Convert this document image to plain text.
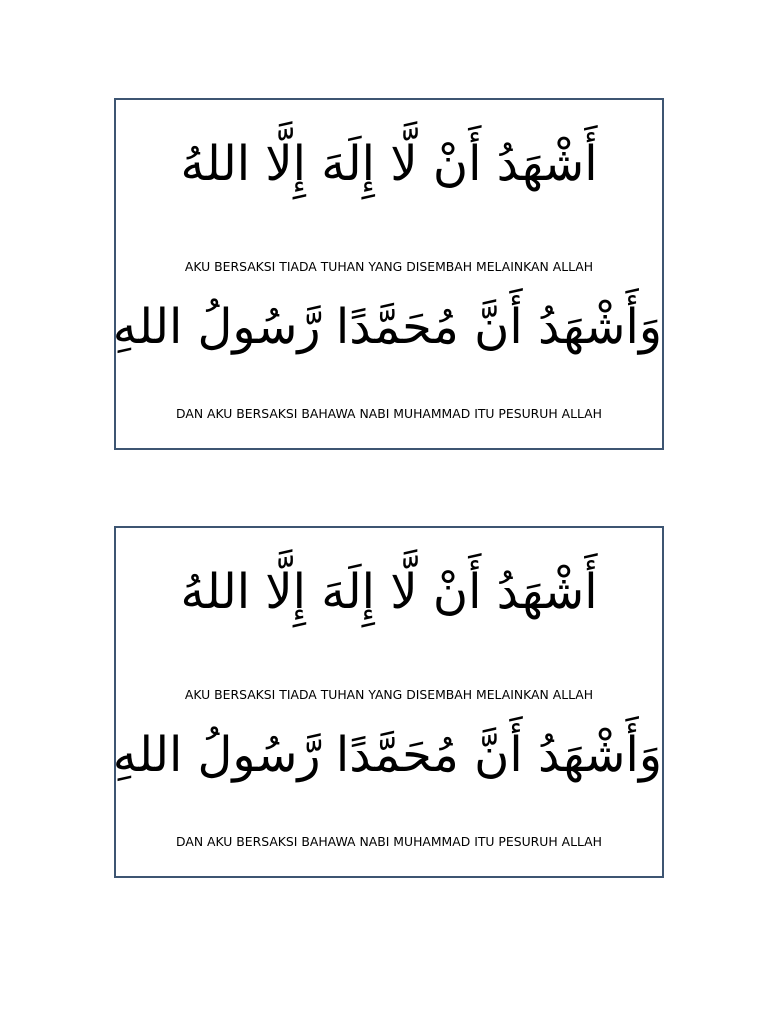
أَشْهَدُ أَنْ لَّا إِلَهَ إِلَّا اللهُ
AKU BERSAKSI TIADA TUHAN YANG DISEMBAH MELAINKAN ALLAH
وَأَشْهَدُ أَنَّ مُحَمَّدًا رَّسُولُ اللهِ
DAN AKU BERSAKSI BAHAWA NABI MUHAMMAD ITU PESURUH ALLAH
أَشْهَدُ أَنْ لَّا إِلَهَ إِلَّا اللهُ
AKU BERSAKSI TIADA TUHAN YANG DISEMBAH MELAINKAN ALLAH
وَأَشْهَدُ أَنَّ مُحَمَّدًا رَّسُولُ اللهِ
DAN AKU BERSAKSI BAHAWA NABI MUHAMMAD ITU PESURUH ALLAH
